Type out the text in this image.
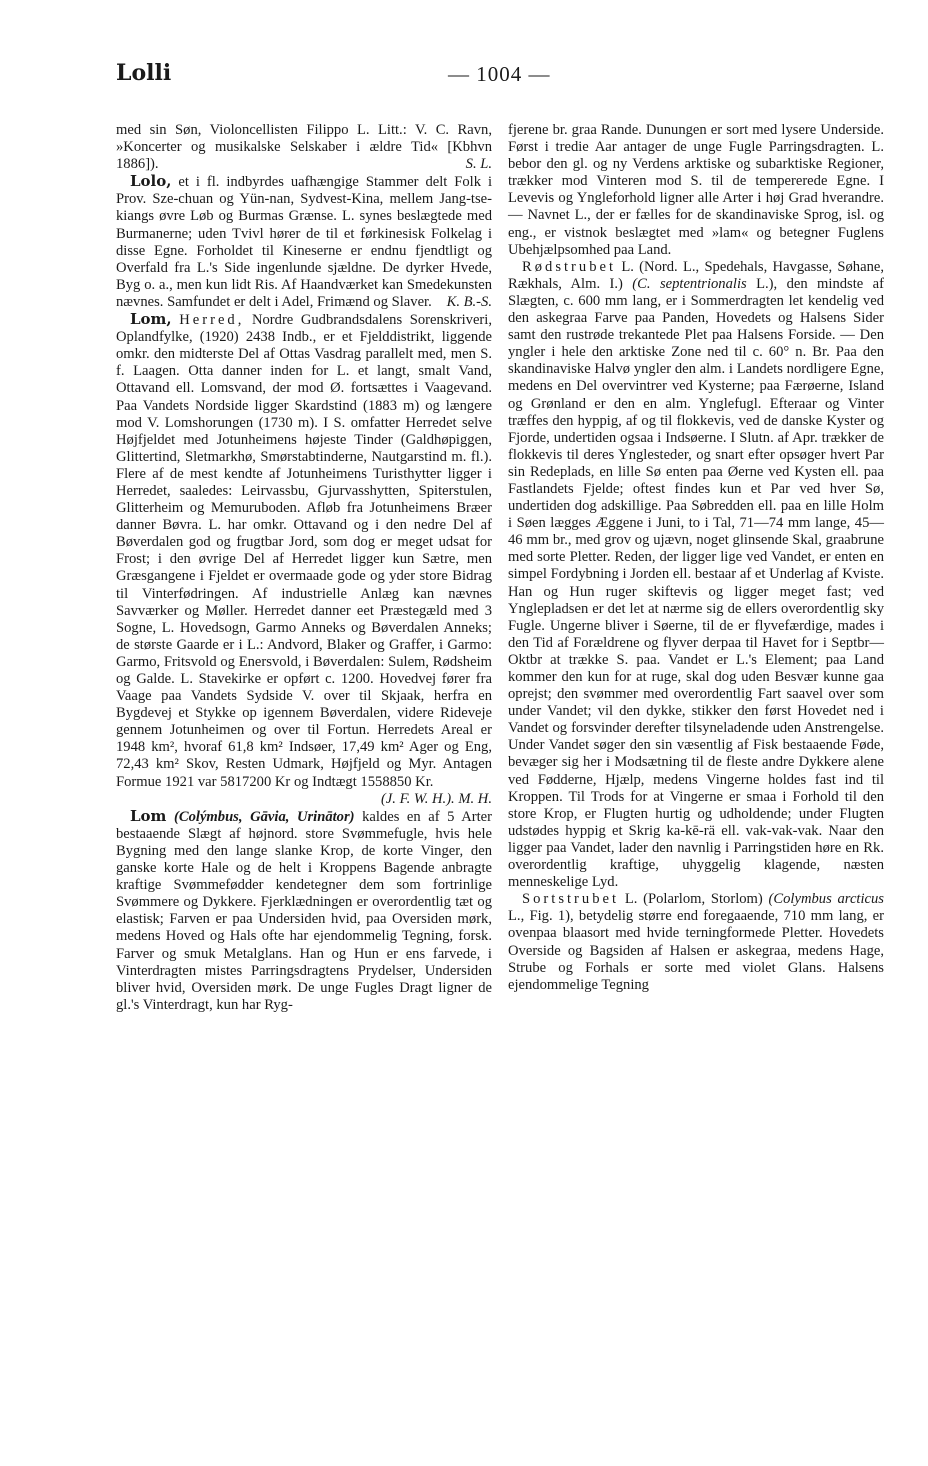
Lolli	— 1004 —

med sin Søn, Violoncellisten Filippo L. Litt.: V. C. Ravn, »Koncerter og musikalske Selskaber i ældre Tid« [Kbhvn 1886]).	S. L.

Lolo, et i fl. indbyrdes uafhængige Stammer delt Folk i Prov. Sze-chuan og Yün-nan, Sydvest-Kina, mellem Jang-tse-kiangs øvre Løb og Burmas Grænse. L. synes beslægtede med Burmanerne; uden Tvivl hører de til et førkinesisk Folkelag i disse Egne. Forholdet til Kineserne er endnu fjendtligt og Overfald fra L.'s Side ingenlunde sjældne. De dyrker Hvede, Byg o. a., men kun lidt Ris. Af Haandværket kan Smedekunsten nævnes. Samfundet er delt i Adel, Frimænd og Slaver.	K. B.-S.

Lom, Herred, Nordre Gudbrandsdalens Sorenskriveri, Oplandfylke, (1920) 2438 Indb., er et Fjelddistrikt, liggende omkr. den midterste Del af Ottas Vasdrag parallelt med, men S. f. Laagen. Otta danner inden for L. et langt, smalt Vand, Ottavand ell. Lomsvand, der mod Ø. fortsættes i Vaagevand. Paa Vandets Nordside ligger Skardstind (1883 m) og længere mod V. Lomshorungen (1730 m). I S. omfatter Herredet selve Højfjeldet med Jotunheimens højeste Tinder (Galdhøpiggen, Glittertind, Sletmarkhø, Smørstabtinderne, Nautgarstind m. fl.). Flere af de mest kendte af Jotunheimens Turisthytter ligger i Herredet, saaledes: Leirvassbu, Gjurvasshytten, Spiterstulen, Glitterheim og Memuruboden. Afløb fra Jotunheimens Bræer danner Bøvra. L. har omkr. Ottavand og i den nedre Del af Bøverdalen god og frugtbar Jord, som dog er meget udsat for Frost; i den øvrige Del af Herredet ligger kun Sætre, men Græsgangene i Fjeldet er overmaade gode og yder store Bidrag til Vinterfødringen. Af industrielle Anlæg kan nævnes Savværker og Møller. Herredet danner eet Præstegæld med 3 Sogne, L. Hovedsogn, Garmo Anneks og Bøverdalen Anneks; de største Gaarde er i L.: Andvord, Blaker og Graffer, i Garmo: Garmo, Fritsvold og Enersvold, i Bøverdalen: Sulem, Rødsheim og Galde. L. Stavekirke er opført c. 1200. Hovedvej fører fra Vaage paa Vandets Sydside V. over til Skjaak, herfra en Bygdevej et Stykke op igennem Bøverdalen, videre Rideveje gennem Jotunheimen og over til Fortun. Herredets Areal er 1948 km², hvoraf 61,8 km² Indsøer, 17,49 km² Ager og Eng, 72,43 km² Skov, Resten Udmark, Højfjeld og Myr. Antagen Formue 1921 var 5817200 Kr og Indtægt 1558850 Kr.

(J. F. W. H.). M. H.

Lom (Colýmbus, Gāvia, Urinātor) kaldes en af 5 Arter bestaaende Slægt af højnord. store Svømmefugle, hvis hele Bygning med den lange slanke Krop, de korte Vinger, den ganske korte Hale og de helt i Kroppens Bagende anbragte kraftige Svømmefødder kendetegner dem som fortrinlige Svømmere og Dykkere. Fjerklædningen er overordentlig tæt og elastisk; Farven er paa Undersiden hvid, paa Oversiden mørk, medens Hoved og Hals ofte har ejendommelig Tegning, forsk. Farver og smuk Metalglans. Han og Hun er ens farvede, i Vinterdragten mistes Parringsdragtens Prydelser, Undersiden bliver hvid, Oversiden mørk. De unge Fugles Dragt ligner de gl.'s Vinterdragt, kun har Ryg-

fjerene br. graa Rande. Dunungen er sort med lysere Underside. Først i tredie Aar antager de unge Fugle Parringsdragten. L. bebor den gl. og ny Verdens arktiske og subarktiske Regioner, trækker mod Vinteren mod S. til de tempererede Egne. I Levevis og Yngleforhold ligner alle Arter i høj Grad hverandre. — Navnet L., der er fælles for de skandinaviske Sprog, isl. og eng., er vistnok beslægtet med »lam« og betegner Fuglens Ubehjælpsomhed paa Land.

Rødstrubet L. (Nord. L., Spedehals, Havgasse, Søhane, Rækhals, Alm. I.) (C. septentrionalis L.), den mindste af Slægten, c. 600 mm lang, er i Sommerdragten let kendelig ved den askegraa Farve paa Panden, Hovedets og Halsens Sider samt den rustrøde trekantede Plet paa Halsens Forside. — Den yngler i hele den arktiske Zone ned til c. 60° n. Br. Paa den skandinaviske Halvø yngler den alm. i Landets nordligere Egne, medens en Del overvintrer ved Kysterne; paa Færøerne, Island og Grønland er den en alm. Ynglefugl. Efteraar og Vinter træffes den hyppig, af og til flokkevis, ved de danske Kyster og Fjorde, undertiden ogsaa i Indsøerne. I Slutn. af Apr. trækker de flokkevis til deres Ynglesteder, og snart efter opsøger hvert Par sin Redeplads, en lille Sø enten paa Øerne ved Kysten ell. paa Fastlandets Fjelde; oftest findes kun et Par ved hver Sø, undertiden dog adskillige. Paa Søbredden ell. paa en lille Holm i Søen lægges Æggene i Juni, to i Tal, 71—74 mm lange, 45—46 mm br., med grov og ujævn, noget glinsende Skal, graabrune med sorte Pletter. Reden, der ligger lige ved Vandet, er enten en simpel Fordybning i Jorden ell. bestaar af et Underlag af Kviste. Han og Hun ruger skiftevis og ligger meget fast; ved Ynglepladsen er det let at nærme sig de ellers overordentlig sky Fugle. Ungerne bliver i Søerne, til de er flyvefærdige, mades i den Tid af Forældrene og flyver derpaa til Havet for i Septbr—Oktbr at trække S. paa. Vandet er L.'s Element; paa Land kommer den kun for at ruge, skal dog uden Besvær kunne gaa oprejst; den svømmer med overordentlig Fart saavel over som under Vandet; vil den dykke, stikker den først Hovedet ned i Vandet og forsvinder derefter tilsyneladende uden Anstrengelse. Under Vandet søger den sin væsentlig af Fisk bestaaende Føde, bevæger sig her i Modsætning til de fleste andre Dykkere alene ved Fødderne, Hjælp, medens Vingerne holdes fast ind til Kroppen. Til Trods for at Vingerne er smaa i Forhold til den store Krop, er Flugten hurtig og udholdende; under Flugten udstødes hyppig et Skrig ka-kē-rä ell. vak-vak-vak. Naar den ligger paa Vandet, lader den navnlig i Parringstiden høre en Rk. overordentlig kraftige, uhyggelig klagende, næsten menneskelige Lyd.

Sortstrubet L. (Polarlom, Storlom) (Colymbus arcticus L., Fig. 1), betydelig større end foregaaende, 710 mm lang, er ovenpaa blaasort med hvide terningformede Pletter. Hovedets Overside og Bagsiden af Halsen er askegraa, medens Hage, Strube og Forhals er sorte med violet Glans. Halsens ejendommelige Tegning
